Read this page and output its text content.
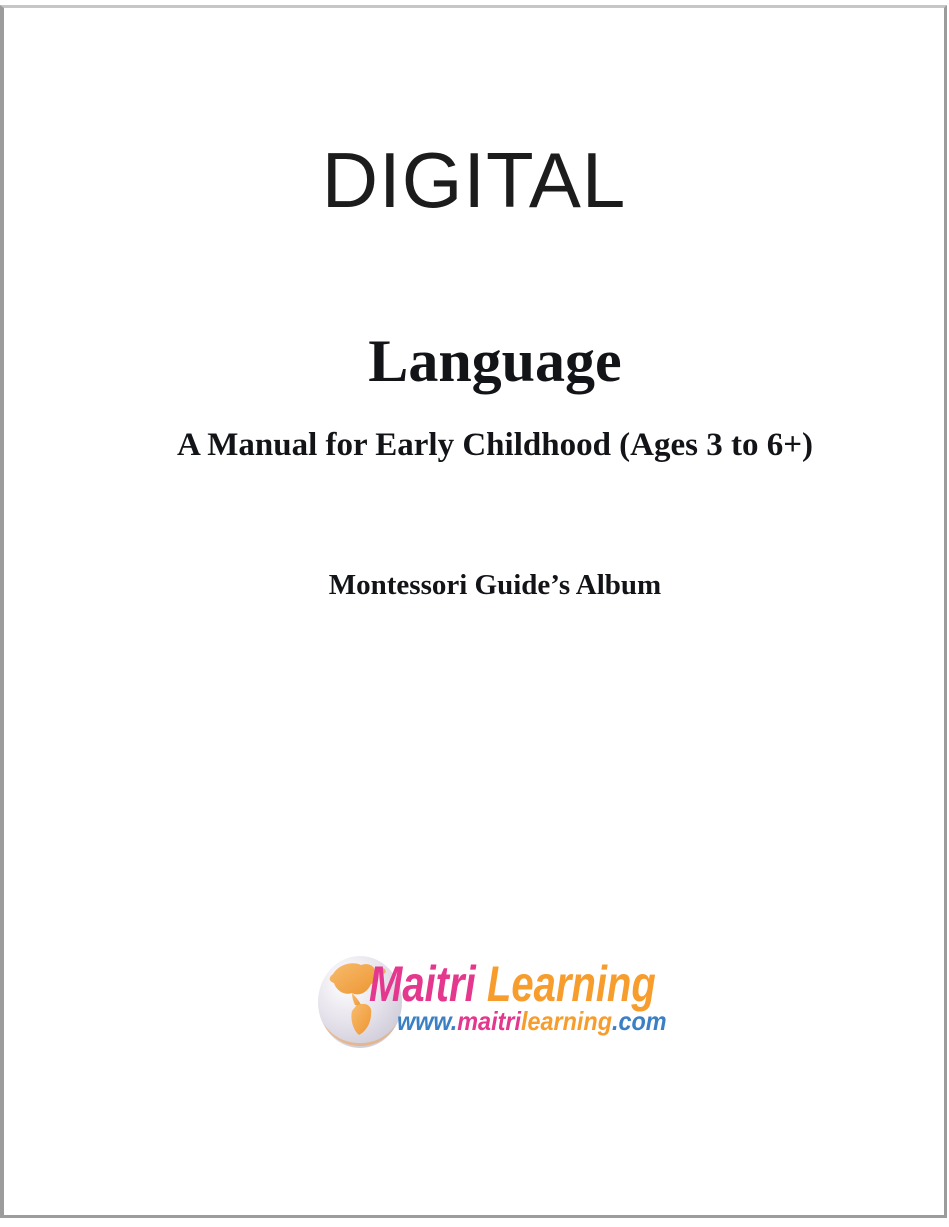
DIGITAL
Language
A Manual for Early Childhood (Ages 3 to 6+)
Montessori Guide’s Album
Maitri Learning
www.maitrilearning.com
